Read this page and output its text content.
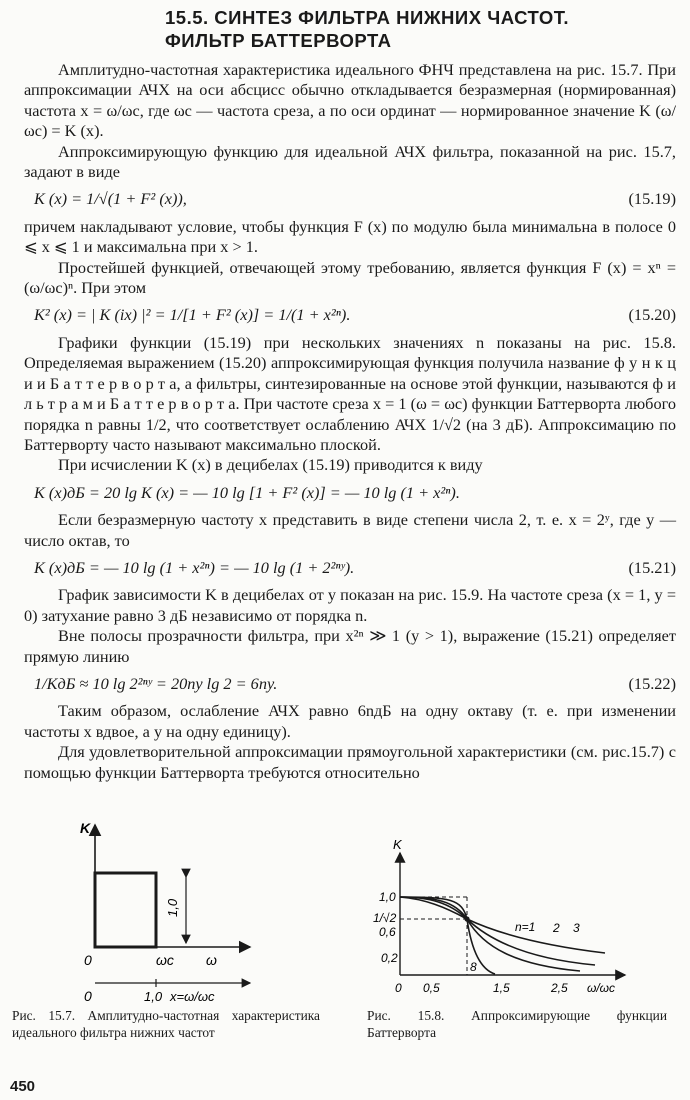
15.5. СИНТЕЗ ФИЛЬТРА НИЖНИХ ЧАСТОТ.
ФИЛЬТР БАТТЕРВОРТА

Амплитудно-частотная характеристика идеального ФНЧ представлена на рис. 15.7. При аппроксимации АЧХ на оси абсцисс обычно откладывается безразмерная (нормированная) частота x = ω/ωc, где ωc — частота среза, а по оси ординат — нормированное значение K (ω/ωc) = K (x).

Аппроксимирующую функцию для идеальной АЧХ фильтра, показанной на рис. 15.7, задают в виде

K (x) = 1/√(1 + F² (x)),	(15.19)

причем накладывают условие, чтобы функция F (x) по модулю была минимальна в полосе 0 ⩽ x ⩽ 1 и максимальна при x > 1.

Простейшей функцией, отвечающей этому требованию, является функция F (x) = xⁿ = (ω/ωc)ⁿ. При этом

K² (x) = | K (ix) |² = 1/[1 + F² (x)] = 1/(1 + x²ⁿ).	(15.20)

Графики функции (15.19) при нескольких значениях n показаны на рис. 15.8. Определяемая выражением (15.20) аппроксимирующая функция получила название ф у н к ц и и Б а т т е р в о р т а, а фильтры, синтезированные на основе этой функции, называются ф и л ь т р а м и Б а т т е р в о р т а. При частоте среза x = 1 (ω = ωc) функции Баттерворта любого порядка n равны 1/2, что соответствует ослаблению АЧХ 1/√2 (на 3 дБ). Аппроксимацию по Баттерворту часто называют максимально плоской.

При исчислении K (x) в децибелах (15.19) приводится к виду

K (x)дБ = 20 lg K (x) = — 10 lg [1 + F² (x)] = — 10 lg (1 + x²ⁿ).

Если безразмерную частоту x представить в виде степени числа 2, т. е. x = 2ʸ, где y — число октав, то

K (x)дБ = — 10 lg (1 + x²ⁿ) = — 10 lg (1 + 2²ⁿʸ).	(15.21)

График зависимости K в децибелах от y показан на рис. 15.9. На частоте среза (x = 1, y = 0) затухание равно 3 дБ независимо от порядка n.

Вне полосы прозрачности фильтра, при x²ⁿ ≫ 1 (y > 1), выражение (15.21) определяет прямую линию

1/KдБ ≈ 10 lg 2²ⁿʸ = 20ny lg 2 = 6ny.	(15.22)

Таким образом, ослабление АЧХ равно 6nдБ на одну октаву (т. е. при изменении частоты x вдвое, а y на одну единицу).

Для удовлетворительной аппроксимации прямоугольной характеристики (см. рис.15.7) с помощью функции Баттерворта требуются относительно

K
1,0
0	ωc ω
0	1,0 x=ω/ωc
K
1,0
1/√2
0,6
0,2
0 0,5	1,5	2,5 ω/ωc
n=1 2 3
8
Рис. 15.7. Амплитудно-частотная характеристика идеального фильтра нижних частот
Рис. 15.8. Аппроксимирующие функции Баттерворта
450
